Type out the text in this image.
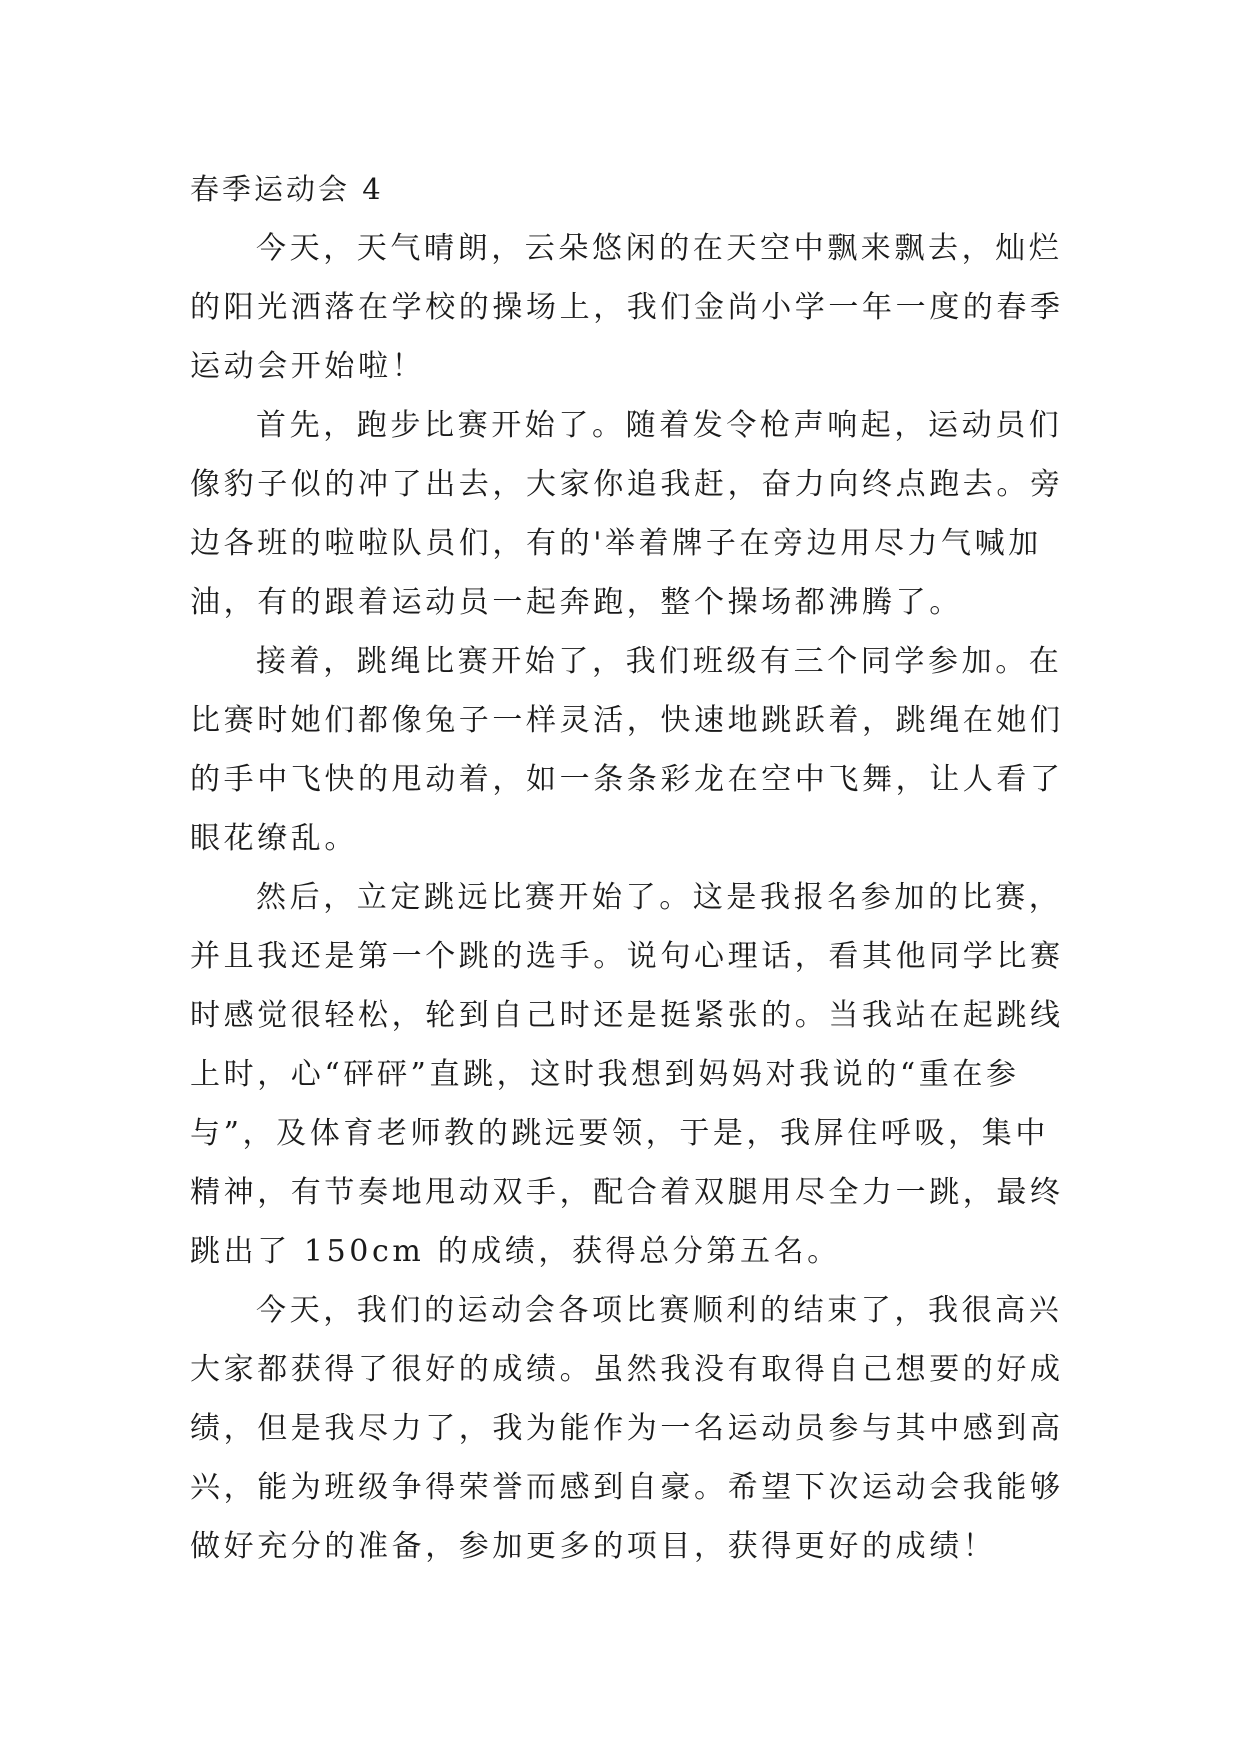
春季运动会 4
今天，天气晴朗，云朵悠闲的在天空中飘来飘去，灿烂
的阳光洒落在学校的操场上，我们金尚小学一年一度的春季
运动会开始啦！
首先，跑步比赛开始了。随着发令枪声响起，运动员们
像豹子似的冲了出去，大家你追我赶，奋力向终点跑去。旁
边各班的啦啦队员们，有的'举着牌子在旁边用尽力气喊加
油，有的跟着运动员一起奔跑，整个操场都沸腾了。
接着，跳绳比赛开始了，我们班级有三个同学参加。在
比赛时她们都像兔子一样灵活，快速地跳跃着，跳绳在她们
的手中飞快的甩动着，如一条条彩龙在空中飞舞，让人看了
眼花缭乱。
然后，立定跳远比赛开始了。这是我报名参加的比赛，
并且我还是第一个跳的选手。说句心理话，看其他同学比赛
时感觉很轻松，轮到自己时还是挺紧张的。当我站在起跳线
上时，心“砰砰”直跳，这时我想到妈妈对我说的“重在参
与”，及体育老师教的跳远要领，于是，我屏住呼吸，集中
精神，有节奏地甩动双手，配合着双腿用尽全力一跳，最终
跳出了 150cm 的成绩，获得总分第五名。
今天，我们的运动会各项比赛顺利的结束了，我很高兴
大家都获得了很好的成绩。虽然我没有取得自己想要的好成
绩，但是我尽力了，我为能作为一名运动员参与其中感到高
兴，能为班级争得荣誉而感到自豪。希望下次运动会我能够
做好充分的准备，参加更多的项目，获得更好的成绩！
